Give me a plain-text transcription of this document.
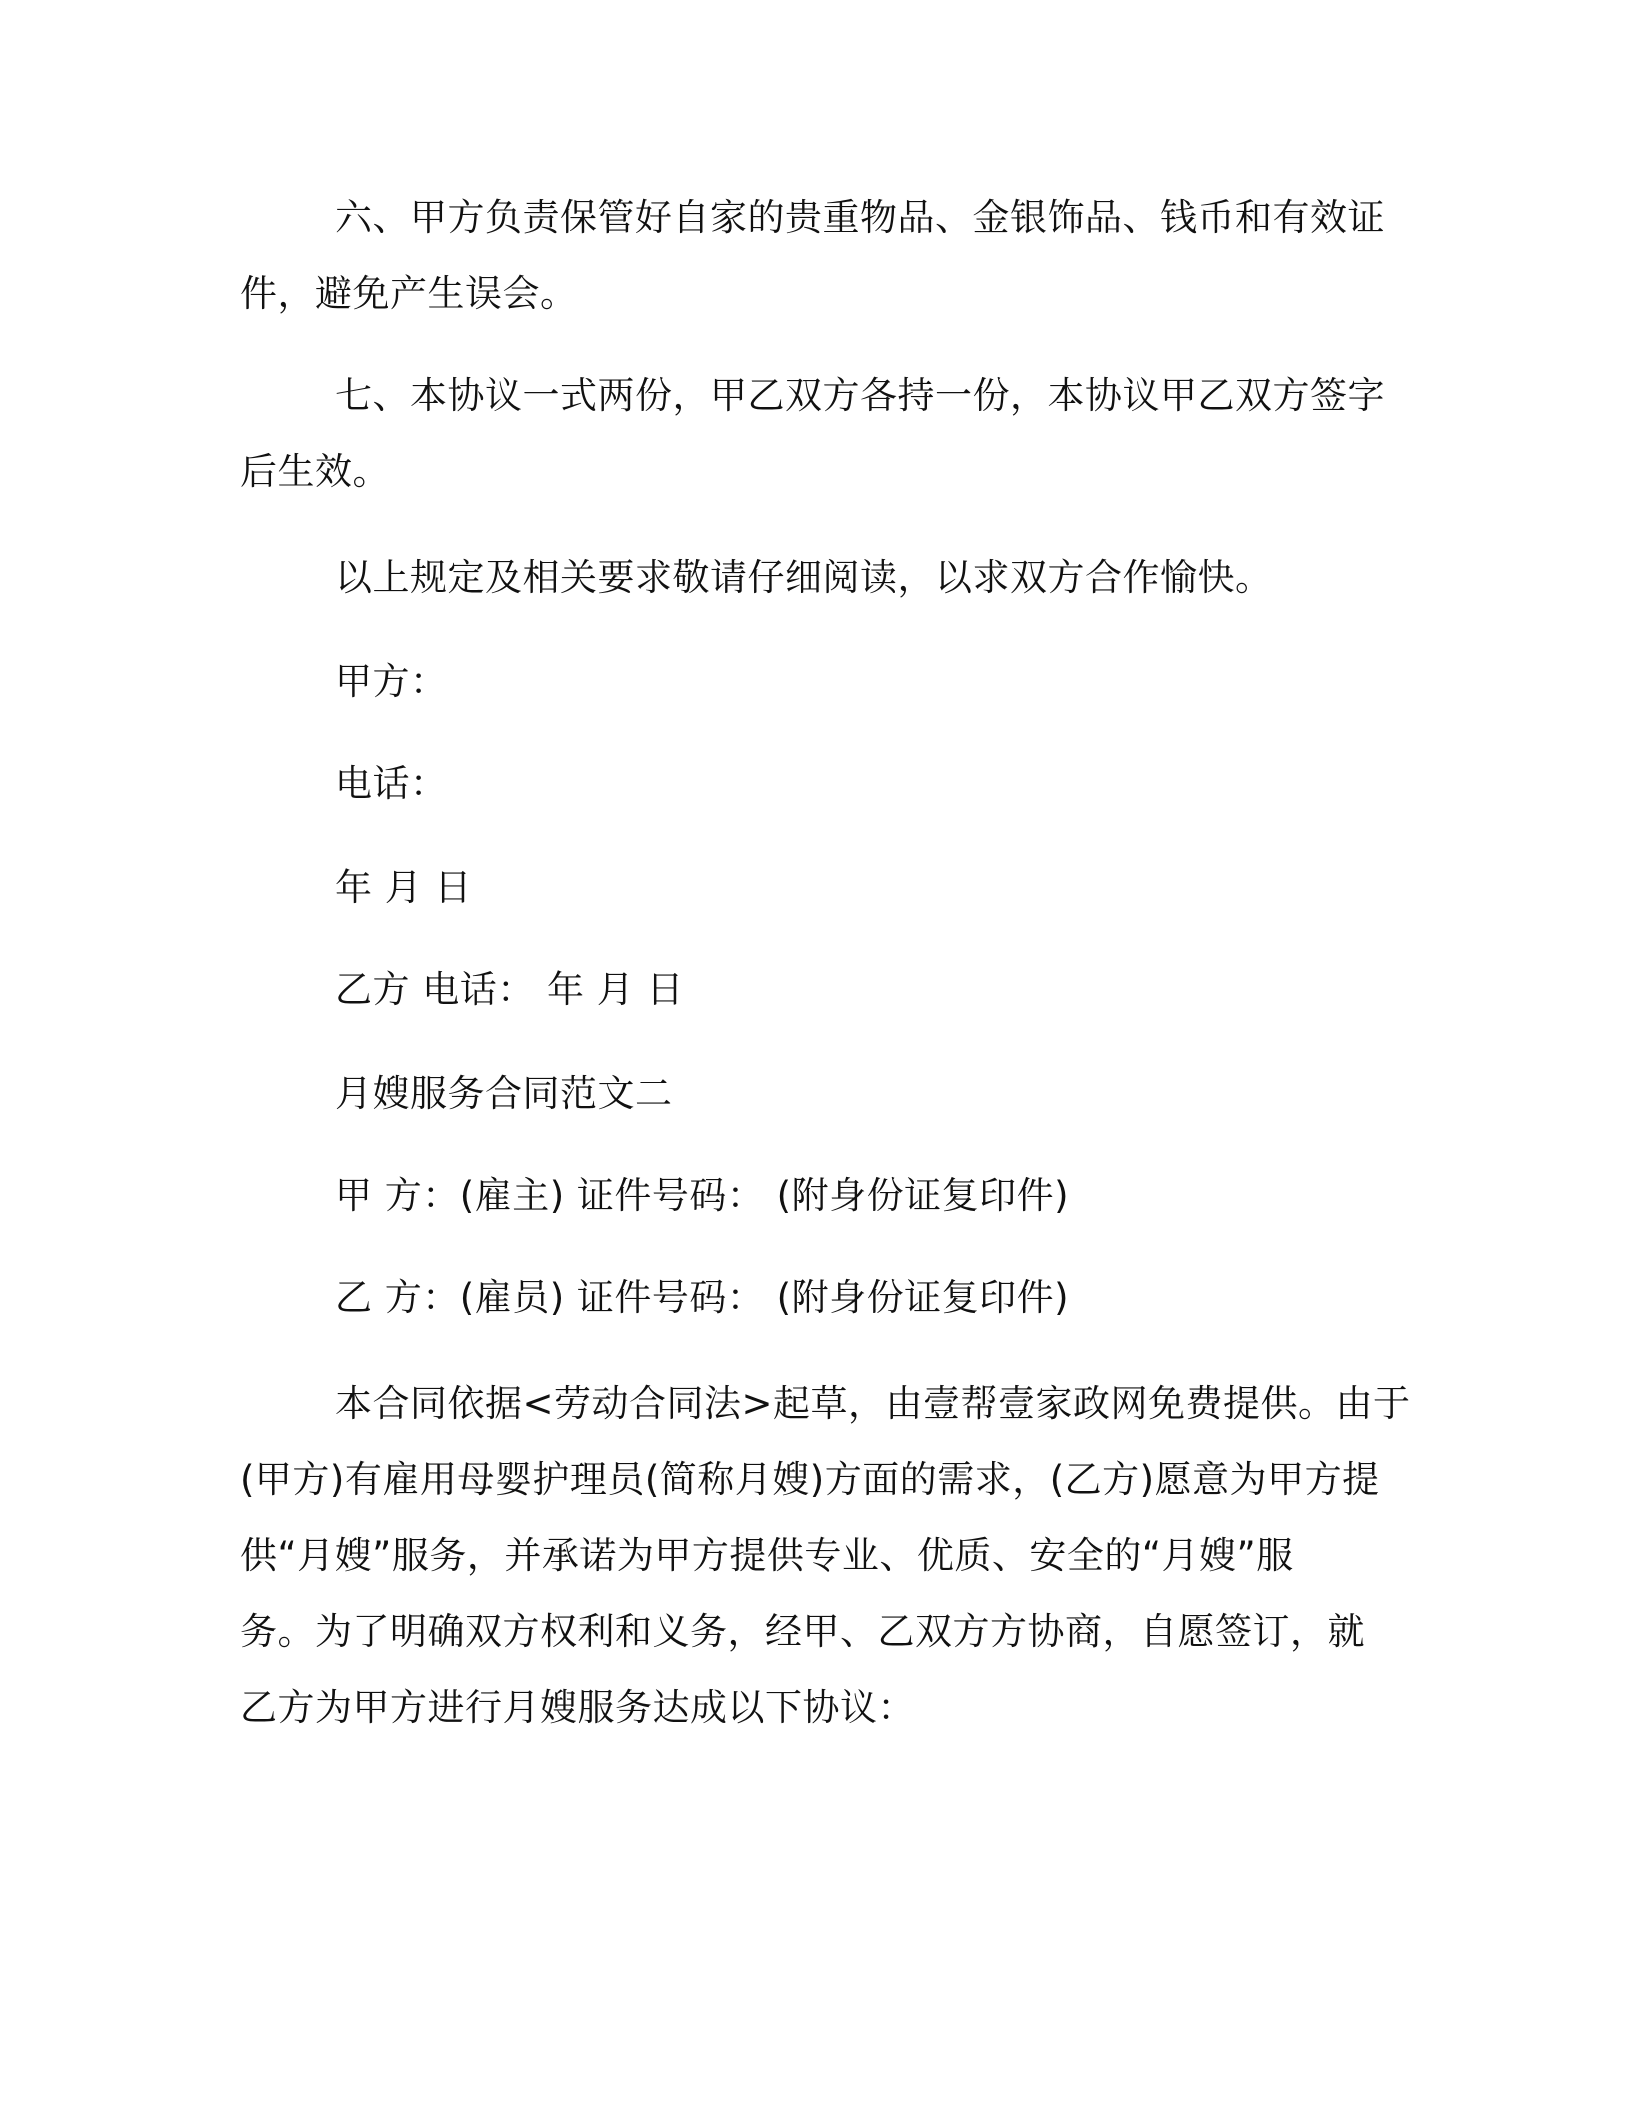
六、甲方负责保管好自家的贵重物品、金银饰品、钱币和有效证
件，避免产生误会。
七、本协议一式两份，甲乙双方各持一份，本协议甲乙双方签字
后生效。
以上规定及相关要求敬请仔细阅读，以求双方合作愉快。
甲方：
电话：
年 月 日
乙方 电话： 年 月 日
月嫂服务合同范文二
甲 方：(雇主) 证件号码： (附身份证复印件)
乙 方：(雇员) 证件号码： (附身份证复印件)
本合同依据<劳动合同法>起草，由壹帮壹家政网免费提供。由于
(甲方)有雇用母婴护理员(简称月嫂)方面的需求，(乙方)愿意为甲方提
供“月嫂”服务，并承诺为甲方提供专业、优质、安全的“月嫂”服
务。为了明确双方权利和义务，经甲、乙双方方协商，自愿签订，就
乙方为甲方进行月嫂服务达成以下协议：
